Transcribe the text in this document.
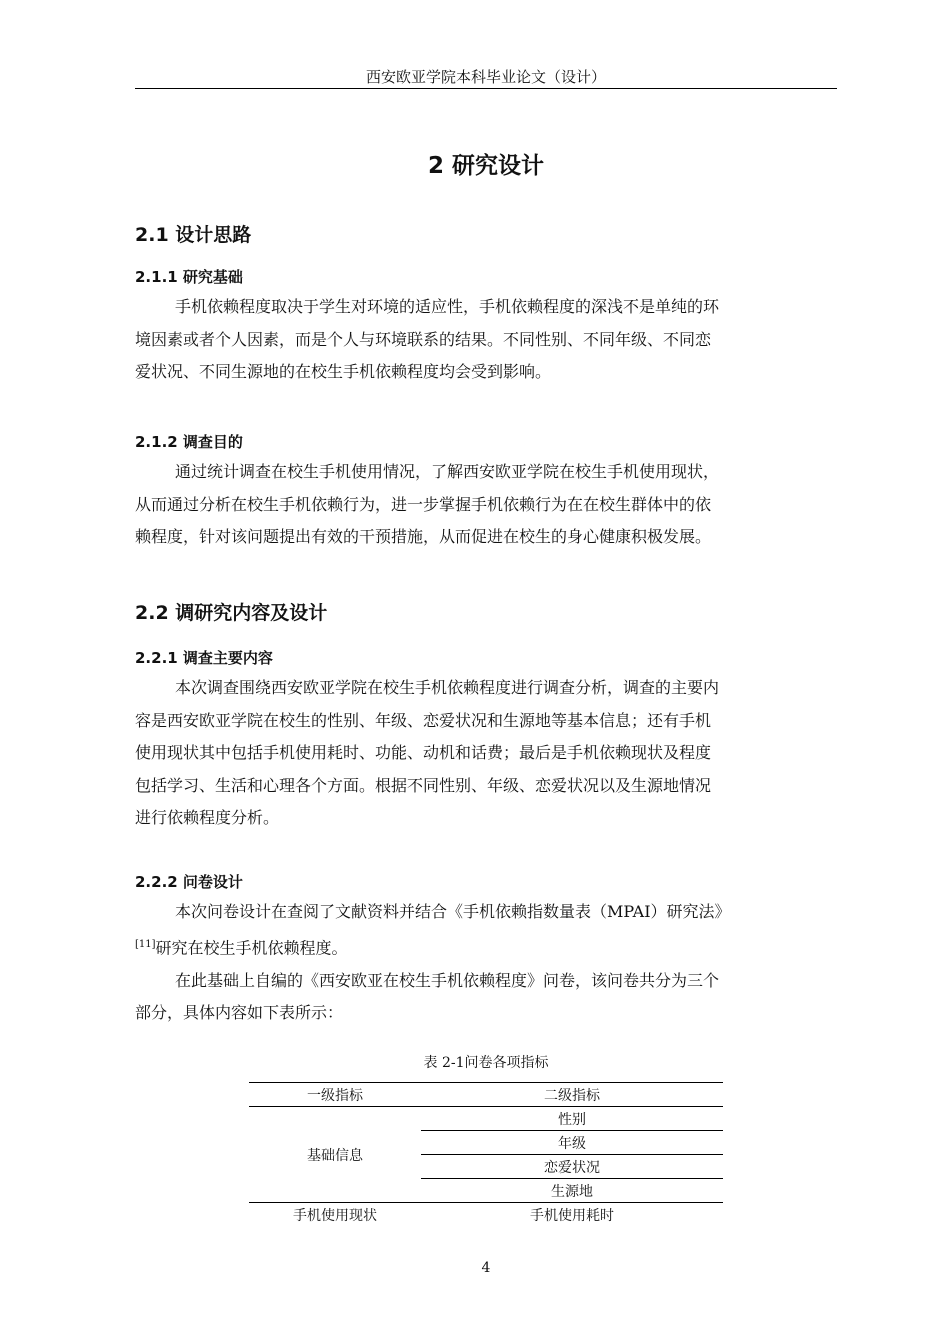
西安欧亚学院本科毕业论文（设计）
2 研究设计
2.1 设计思路
2.1.1 研究基础
手机依赖程度取决于学生对环境的适应性，手机依赖程度的深浅不是单纯的环
境因素或者个人因素，而是个人与环境联系的结果。不同性别、不同年级、不同恋
爱状况、不同生源地的在校生手机依赖程度均会受到影响。
2.1.2 调查目的
通过统计调查在校生手机使用情况，了解西安欧亚学院在校生手机使用现状，
从而通过分析在校生手机依赖行为，进一步掌握手机依赖行为在在校生群体中的依
赖程度，针对该问题提出有效的干预措施，从而促进在校生的身心健康积极发展。
2.2 调研究内容及设计
2.2.1 调查主要内容
本次调查围绕西安欧亚学院在校生手机依赖程度进行调查分析，调查的主要内
容是西安欧亚学院在校生的性别、年级、恋爱状况和生源地等基本信息；还有手机
使用现状其中包括手机使用耗时、功能、动机和话费；最后是手机依赖现状及程度
包括学习、生活和心理各个方面。根据不同性别、年级、恋爱状况以及生源地情况
进行依赖程度分析。
2.2.2 问卷设计
本次问卷设计在查阅了文献资料并结合《手机依赖指数量表（MPAI）研究法》
[11]研究在校生手机依赖程度。
在此基础上自编的《西安欧亚在校生手机依赖程度》问卷，该问卷共分为三个
部分，具体内容如下表所示：
表 2-1问卷各项指标
一级指标	二级指标
基础信息	性别
	年级
	恋爱状况
	生源地
手机使用现状	手机使用耗时
4
